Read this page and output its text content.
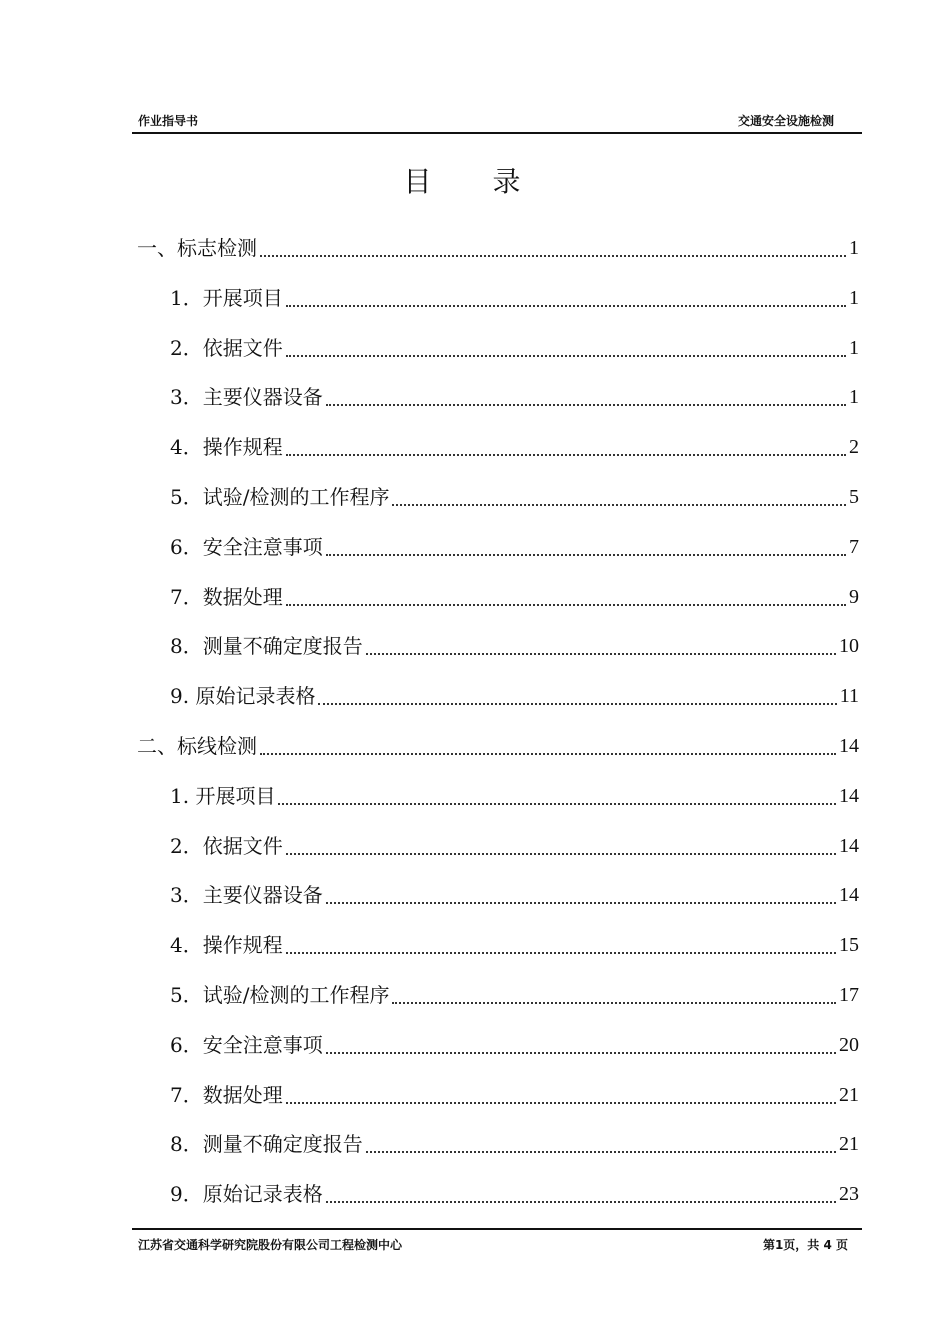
作业指导书	交通安全设施检测
目 录
一、 标志检测	1
1． 开展项目	1
2． 依据文件	1
3． 主要仪器设备	1
4． 操作规程	2
5． 试验/检测的工作程序	5
6． 安全注意事项	7
7． 数据处理	9
8． 测量不确定度报告	10
9. 原始记录表格	11
二、 标线检测	14
1. 开展项目	14
2． 依据文件	14
3． 主要仪器设备	14
4． 操作规程	15
5． 试验/检测的工作程序	17
6． 安全注意事项	20
7． 数据处理	21
8． 测量不确定度报告	21
9． 原始记录表格	23
江苏省交通科学研究院股份有限公司工程检测中心	第1页，共 4 页
